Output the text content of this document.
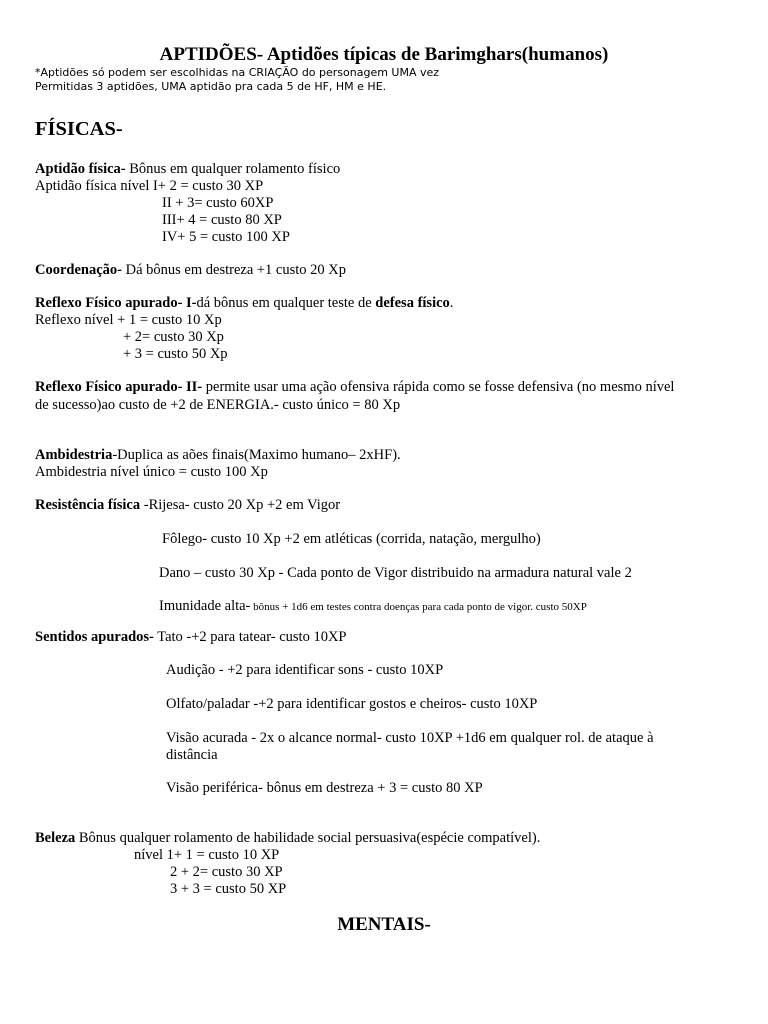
APTIDÕES- Aptidões típicas de Barimghars(humanos)
*Aptidões só podem ser escolhidas na CRIAÇÃO do personagem UMA vez
Permitidas 3 aptidões, UMA aptidão pra cada 5 de HF, HM e HE.
FÍSICAS-
Aptidão física- Bônus em qualquer rolamento físico
Aptidão física nível I+ 2 = custo 30 XP
II + 3= custo 60XP
III+ 4 = custo 80 XP
IV+ 5 = custo 100 XP
Coordenação- Dá bônus em destreza +1 custo 20 Xp
Reflexo Físico apurado- I-dá bônus em qualquer teste de defesa físico.
Reflexo nível + 1 = custo 10 Xp
+ 2= custo 30 Xp
+ 3 = custo 50 Xp
Reflexo Físico apurado- II- permite usar uma ação ofensiva rápida como se fosse defensiva (no mesmo nível
de sucesso)ao custo de +2 de ENERGIA.- custo único = 80 Xp
Ambidestria-Duplica as aões finais(Maximo humano– 2xHF).
Ambidestria nível único = custo 100 Xp
Resistência física -Rijesa- custo 20 Xp +2 em Vigor
Fôlego- custo 10 Xp +2 em atléticas (corrida, natação, mergulho)
Dano – custo 30 Xp - Cada ponto de Vigor distribuido na armadura natural vale 2
Imunidade alta- bônus + 1d6 em testes contra doenças para cada ponto de vigor. custo 50XP
Sentidos apurados- Tato -+2 para tatear- custo 10XP
Audição - +2 para identificar sons - custo 10XP
Olfato/paladar -+2 para identificar gostos e cheiros- custo 10XP
Visão acurada - 2x o alcance normal- custo 10XP +1d6 em qualquer rol. de ataque à
distância
Visão periférica- bônus em destreza + 3 = custo 80 XP
Beleza Bônus qualquer rolamento de habilidade social persuasiva(espécie compatível).
nível 1+ 1 = custo 10 XP
2 + 2= custo 30 XP
3 + 3 = custo 50 XP
MENTAIS-
